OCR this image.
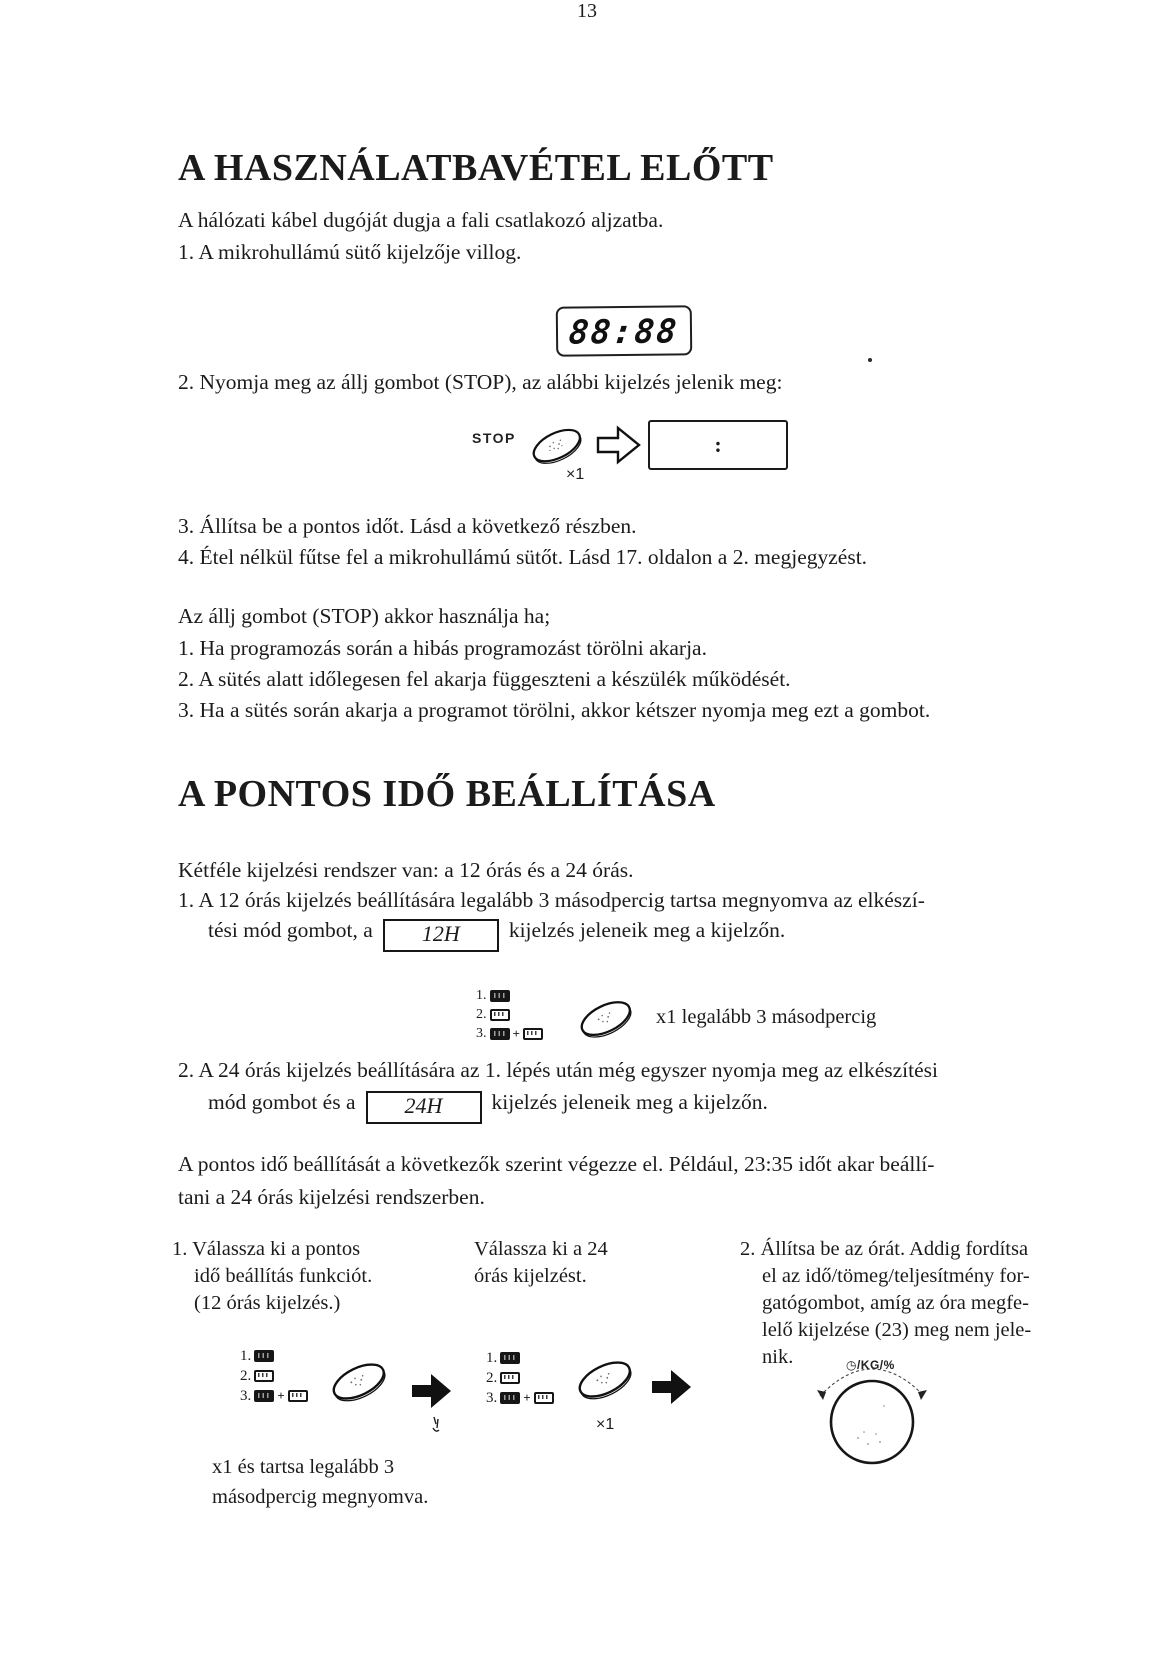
13
A HASZNÁLATBAVÉTEL ELŐTT
A hálózati kábel dugóját dugja a fali csatlakozó aljzatba.
1. A mikrohullámú sütő kijelzője villog.
88:88
2. Nyomja meg az állj gombot (STOP), az alábbi kijelzés jelenik meg:
STOP
×1
:
3. Állítsa be a pontos időt. Lásd a következő részben.
4. Étel nélkül fűtse fel a mikrohullámú sütőt. Lásd 17. oldalon a 2. megjegyzést.
Az állj gombot (STOP) akkor használja ha;
1. Ha programozás során a hibás programozást törölni akarja.
2. A sütés alatt időlegesen fel akarja függeszteni a készülék működését.
3. Ha a sütés során akarja a programot törölni, akkor kétszer nyomja meg ezt a gombot.
A PONTOS IDŐ BEÁLLÍTÁSA
Kétféle kijelzési rendszer van: a 12 órás és a 24 órás.
1. A 12 órás kijelzés beállítására legalább 3 másodpercig tartsa megnyomva az elkészí-
tési mód gombot, a 12H kijelzés jeleneik meg a kijelzőn.
1.
2.
3. +
x1 legalább 3 másodpercig
2. A 24 órás kijelzés beállítására az 1. lépés után még egyszer nyomja meg az elkészítési
mód gombot és a 24H kijelzés jeleneik meg a kijelzőn.
A pontos idő beállítását a következők szerint végezze el. Például, 23:35 időt akar beállí-
tani a 24 órás kijelzési rendszerben.
1. Válassza ki a pontos
idő beállítás funkciót.
(12 órás kijelzés.)
Válassza ki a 24
órás kijelzést.
2. Állítsa be az órát. Addig fordítsa
el az idő/tömeg/teljesítmény for-
gatógombot, amíg az óra megfe-
lelő kijelzése (23) meg nem jele-
nik.
1.
2.
3. +
1.
2.
3. +
×1
x1 és tartsa legalább 3
másodpercig megnyomva.
◷/KG/%
